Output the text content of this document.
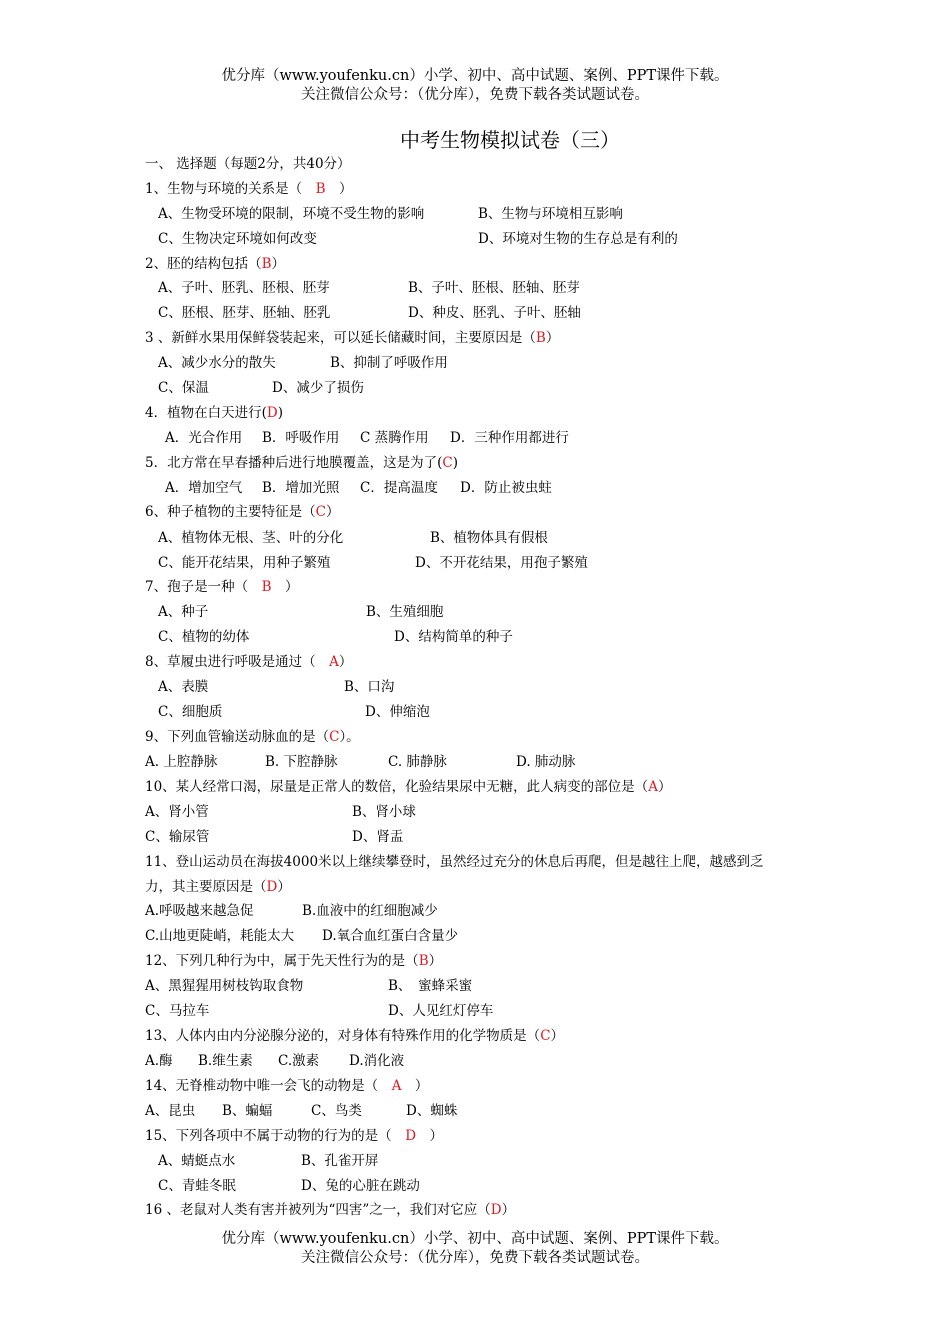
优分库（www.youfenku.cn）小学、初中、高中试题、案例、PPT课件下载。
关注微信公众号：（优分库），免费下载各类试题试卷。
中考生物模拟试卷（三）
一、 选择题（每题2分，共40分）
1、生物与环境的关系是（　B　）
A、生物受环境的限制，环境不受生物的影响	B、生物与环境相互影响
C、生物决定环境如何改变	D、环境对生物的生存总是有利的
2、胚的结构包括（B）
A、子叶、胚乳、胚根、胚芽	B、子叶、胚根、胚轴、胚芽
C、胚根、胚芽、胚轴、胚乳	D、种皮、胚乳、子叶、胚轴
3 、新鲜水果用保鲜袋装起来，可以延长储藏时间，主要原因是（B）
A、减少水分的散失	B、抑制了呼吸作用
C、保温	D、减少了损伤
4．植物在白天进行(D)
A．光合作用 B．呼吸作用 C 蒸腾作用 D．三种作用都进行
5．北方常在早春播种后进行地膜覆盖，这是为了(C)
A．增加空气 B．增加光照 C．提高温度 D．防止被虫蛀
6、种子植物的主要特征是（C）
A、植物体无根、茎、叶的分化	B、植物体具有假根
C、能开花结果，用种子繁殖	D、不开花结果，用孢子繁殖
7、孢子是一种（　B　）
A、种子	B、生殖细胞
C、植物的幼体	D、结构简单的种子
8、草履虫进行呼吸是通过（　A）
A、表膜	B、口沟
C、细胞质	D、伸缩泡
9、下列血管输送动脉血的是（C）。
A. 上腔静脉	B. 下腔静脉	C. 肺静脉	D. 肺动脉
10、某人经常口渴，尿量是正常人的数倍，化验结果尿中无糖，此人病变的部位是（A）
A、肾小管	B、肾小球
C、输尿管	D、肾盂
11、登山运动员在海拔4000米以上继续攀登时，虽然经过充分的休息后再爬，但是越往上爬，越感到乏
力，其主要原因是（D）
A.呼吸越来越急促	B.血液中的红细胞减少
C.山地更陡峭，耗能太大 D.氧合血红蛋白含量少
12、下列几种行为中，属于先天性行为的是（B）
A、黑猩猩用树枝钩取食物	B、　蜜蜂采蜜
C、马拉车	D、人见红灯停车
13、人体内由内分泌腺分泌的，对身体有特殊作用的化学物质是（C）
A.酶 B.维生素 C.激素 D.消化液
14、无脊椎动物中唯一会飞的动物是（　A　）
A、昆虫 B、蝙蝠	C、鸟类	D、蜘蛛
15、下列各项中不属于动物的行为的是（　D　）
A、蜻蜓点水	B、孔雀开屏
C、青蛙冬眠	D、兔的心脏在跳动
16 、老鼠对人类有害并被列为“四害”之一，我们对它应（D）
优分库（www.youfenku.cn）小学、初中、高中试题、案例、PPT课件下载。
关注微信公众号：（优分库），免费下载各类试题试卷。
